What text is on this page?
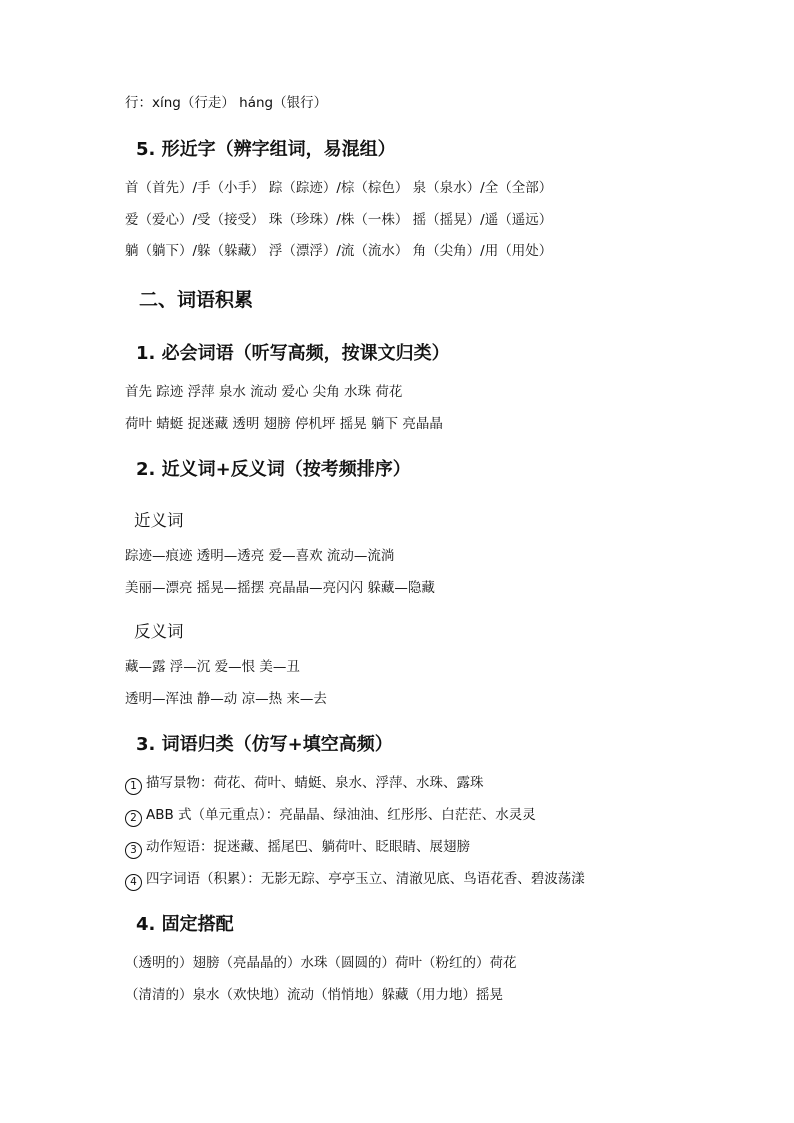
行：xíng（行走） háng（银行）
5. 形近字（辨字组词，易混组）
首（首先）/手（小手） 踪（踪迹）/棕（棕色） 泉（泉水）/全（全部）
爱（爱心）/受（接受） 珠（珍珠）/株（一株） 摇（摇晃）/遥（遥远）
躺（躺下）/躲（躲藏） 浮（漂浮）/流（流水） 角（尖角）/用（用处）
二、词语积累
1. 必会词语（听写高频，按课文归类）
首先 踪迹 浮萍 泉水 流动 爱心 尖角 水珠 荷花
荷叶 蜻蜓 捉迷藏 透明 翅膀 停机坪 摇晃 躺下 亮晶晶
2. 近义词+反义词（按考频排序）
近义词
踪迹—痕迹 透明—透亮 爱—喜欢 流动—流淌
美丽—漂亮 摇晃—摇摆 亮晶晶—亮闪闪 躲藏—隐藏
反义词
藏—露 浮—沉 爱—恨 美—丑
透明—浑浊 静—动 凉—热 来—去
3. 词语归类（仿写+填空高频）
1 描写景物：荷花、荷叶、蜻蜓、泉水、浮萍、水珠、露珠
2 ABB 式（单元重点）：亮晶晶、绿油油、红彤彤、白茫茫、水灵灵
3 动作短语：捉迷藏、摇尾巴、躺荷叶、眨眼睛、展翅膀
4 四字词语（积累）：无影无踪、亭亭玉立、清澈见底、鸟语花香、碧波荡漾
4. 固定搭配
（透明的）翅膀（亮晶晶的）水珠（圆圆的）荷叶（粉红的）荷花
（清清的）泉水（欢快地）流动（悄悄地）躲藏（用力地）摇晃
